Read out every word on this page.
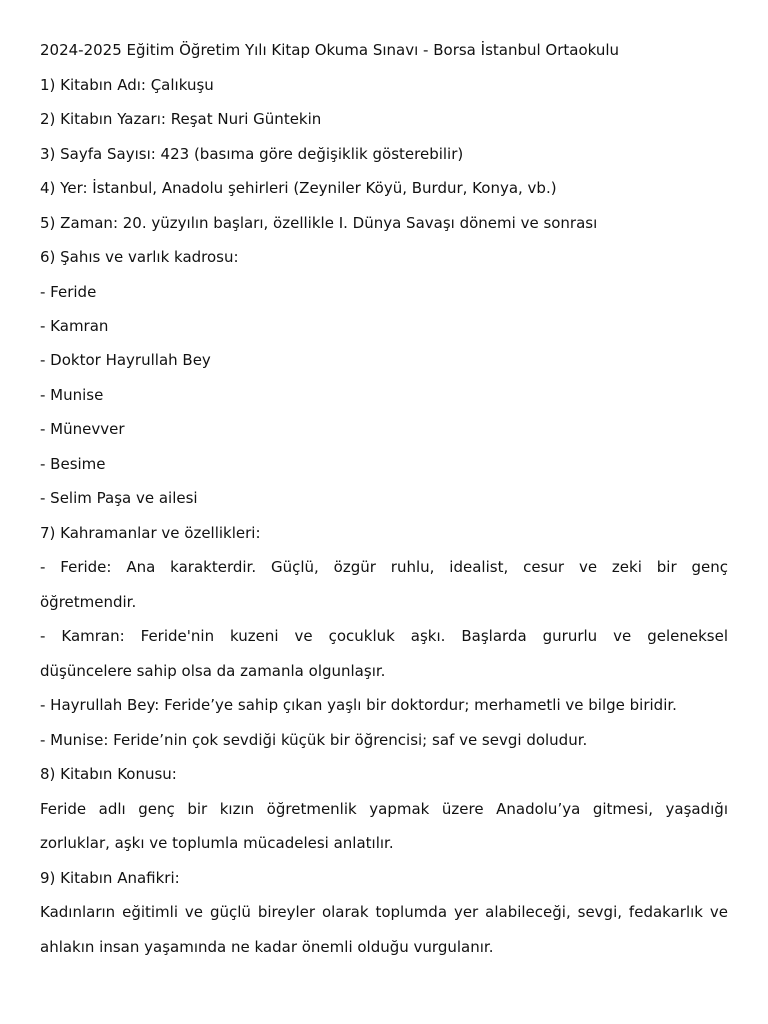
2024-2025 Eğitim Öğretim Yılı Kitap Okuma Sınavı - Borsa İstanbul Ortaokulu
1) Kitabın Adı: Çalıkuşu
2) Kitabın Yazarı: Reşat Nuri Güntekin
3) Sayfa Sayısı: 423 (basıma göre değişiklik gösterebilir)
4) Yer: İstanbul, Anadolu şehirleri (Zeyniler Köyü, Burdur, Konya, vb.)
5) Zaman: 20. yüzyılın başları, özellikle I. Dünya Savaşı dönemi ve sonrası
6) Şahıs ve varlık kadrosu:
- Feride
- Kamran
- Doktor Hayrullah Bey
- Munise
- Münevver
- Besime
- Selim Paşa ve ailesi
7) Kahramanlar ve özellikleri:
- Feride: Ana karakterdir. Güçlü, özgür ruhlu, idealist, cesur ve zeki bir genç
öğretmendir.
- Kamran: Feride'nin kuzeni ve çocukluk aşkı. Başlarda gururlu ve geleneksel
düşüncelere sahip olsa da zamanla olgunlaşır.
- Hayrullah Bey: Feride’ye sahip çıkan yaşlı bir doktordur; merhametli ve bilge biridir.
- Munise: Feride’nin çok sevdiği küçük bir öğrencisi; saf ve sevgi doludur.
8) Kitabın Konusu:
Feride adlı genç bir kızın öğretmenlik yapmak üzere Anadolu’ya gitmesi, yaşadığı
zorluklar, aşkı ve toplumla mücadelesi anlatılır.
9) Kitabın Anafikri:
Kadınların eğitimli ve güçlü bireyler olarak toplumda yer alabileceği, sevgi, fedakarlık ve
ahlakın insan yaşamında ne kadar önemli olduğu vurgulanır.
